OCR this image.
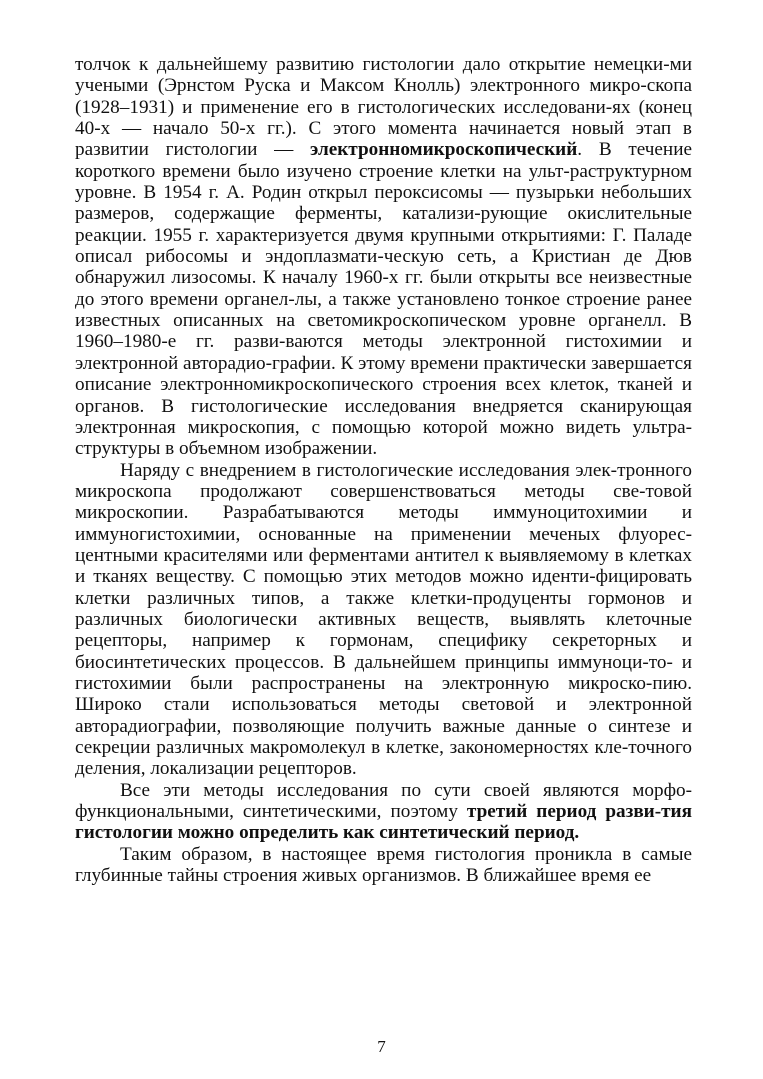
толчок к дальнейшему развитию гистологии дало открытие немецки-ми учеными (Эрнстом Руска и Максом Кнолль) электронного микро-скопа (1928–1931) и применение его в гистологических исследовани-ях (конец 40-х — начало 50-х гг.). С этого момента начинается новый этап в развитии гистологии — электронномикроскопический. В течение короткого времени было изучено строение клетки на ульт-раструктурном уровне. В 1954 г. А. Родин открыл пероксисомы — пузырьки небольших размеров, содержащие ферменты, катализи-рующие окислительные реакции. 1955 г. характеризуется двумя крупными открытиями: Г. Паладе описал рибосомы и эндоплазмати-ческую сеть, а Кристиан де Дюв обнаружил лизосомы. К началу 1960-х гг. были открыты все неизвестные до этого времени органел-лы, а также установлено тонкое строение ранее известных описанных на светомикроскопическом уровне органелл. В 1960–1980-е гг. разви-ваются методы электронной гистохимии и электронной авторадио-графии. К этому времени практически завершается описание электронномикроскопического строения всех клеток, тканей и органов. В гистологические исследования внедряется сканирующая электронная микроскопия, с помощью которой можно видеть ультра-структуры в объемном изображении.

Наряду с внедрением в гистологические исследования элек-тронного микроскопа продолжают совершенствоваться методы све-товой микроскопии. Разрабатываются методы иммуноцитохимии и иммуногистохимии, основанные на применении меченых флуорес-центными красителями или ферментами антител к выявляемому в клетках и тканях веществу. С помощью этих методов можно иденти-фицировать клетки различных типов, а также клетки-продуценты гормонов и различных биологически активных веществ, выявлять клеточные рецепторы, например к гормонам, специфику секреторных и биосинтетических процессов. В дальнейшем принципы иммуноци-то- и гистохимии были распространены на электронную микроско-пию. Широко стали использоваться методы световой и электронной авторадиографии, позволяющие получить важные данные о синтезе и секреции различных макромолекул в клетке, закономерностях кле-точного деления, локализации рецепторов.

Все эти методы исследования по сути своей являются морфо-функциональными, синтетическими, поэтому третий период разви-тия гистологии можно определить как синтетический период.

Таким образом, в настоящее время гистология проникла в самые глубинные тайны строения живых организмов. В ближайшее время ее

7
